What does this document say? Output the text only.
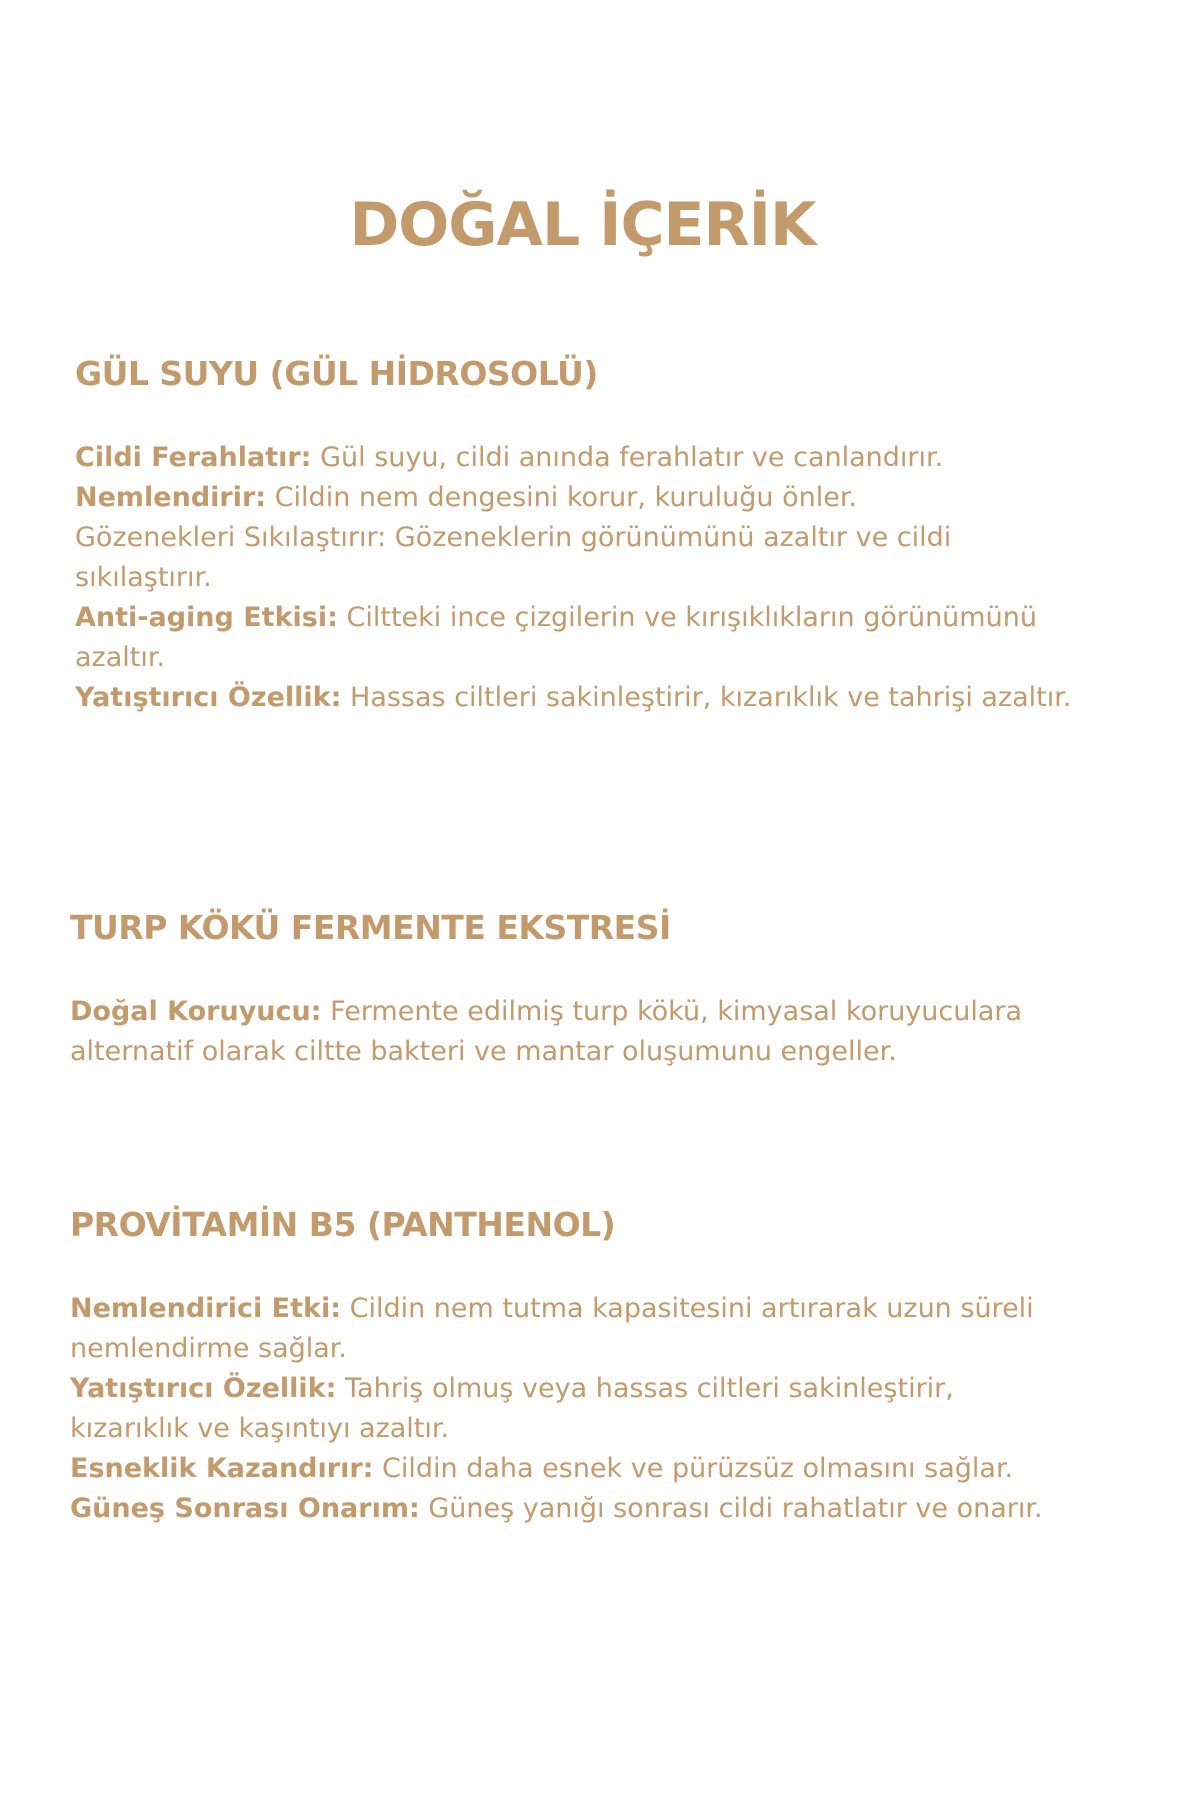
DOĞAL İÇERİK
GÜL SUYU (GÜL HİDROSOLÜ)
Cildi Ferahlatır: Gül suyu, cildi anında ferahlatır ve canlandırır.
Nemlendirir: Cildin nem dengesini korur, kuruluğu önler.
Gözenekleri Sıkılaştırır: Gözeneklerin görünümünü azaltır ve cildi sıkılaştırır.
Anti-aging Etkisi: Ciltteki ince çizgilerin ve kırışıklıkların görünümünü azaltır.
Yatıştırıcı Özellik: Hassas ciltleri sakinleştirir, kızarıklık ve tahrişi azaltır.
TURP KÖKÜ FERMENTE EKSTRESİ
Doğal Koruyucu: Fermente edilmiş turp kökü, kimyasal koruyuculara alternatif olarak ciltte bakteri ve mantar oluşumunu engeller.
PROVİTAMİN B5 (PANTHENOL)
Nemlendirici Etki: Cildin nem tutma kapasitesini artırarak uzun süreli nemlendirme sağlar.
Yatıştırıcı Özellik: Tahriş olmuş veya hassas ciltleri sakinleştirir, kızarıklık ve kaşıntıyı azaltır.
Esneklik Kazandırır: Cildin daha esnek ve pürüzsüz olmasını sağlar.
Güneş Sonrası Onarım: Güneş yanığı sonrası cildi rahatlatır ve onarır.
